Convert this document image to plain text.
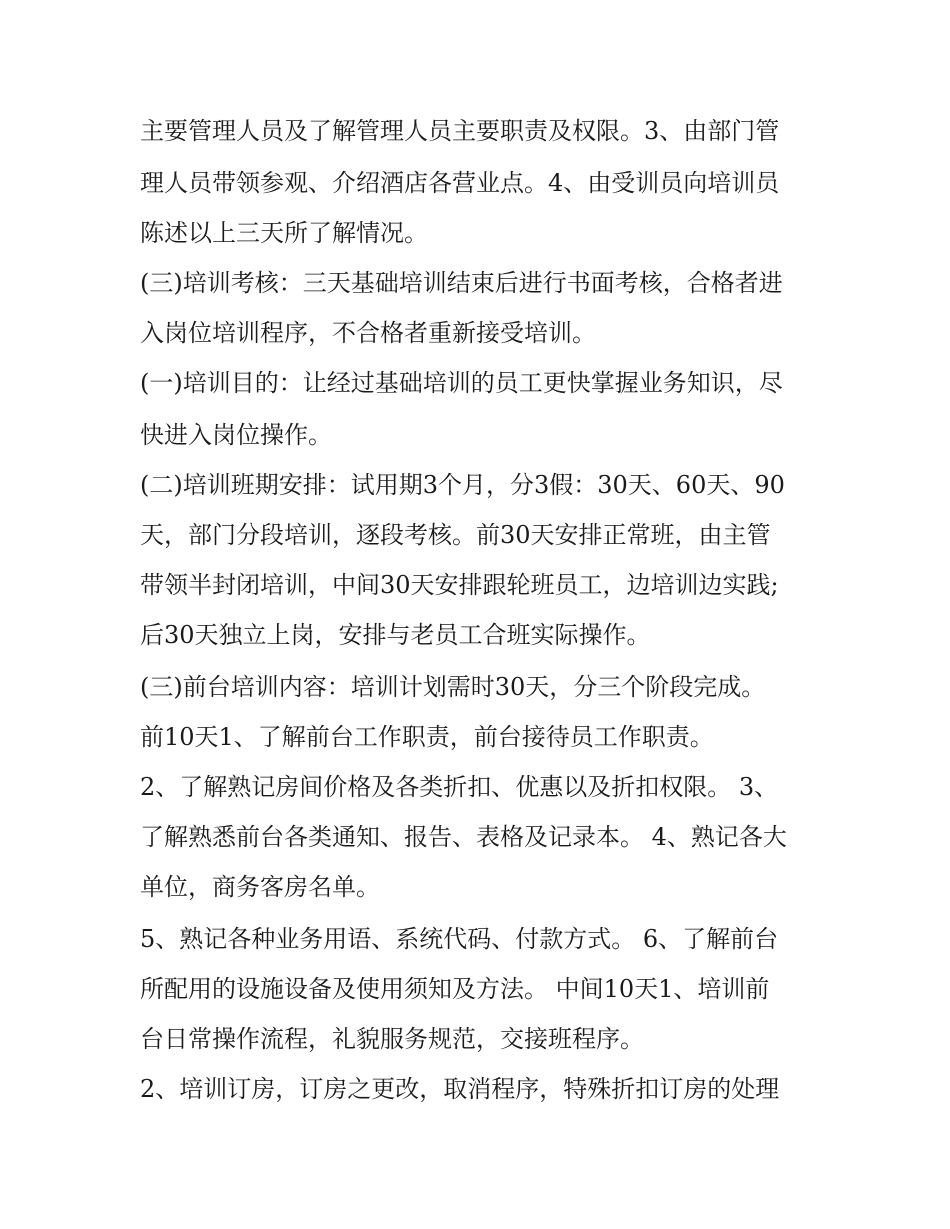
主要管理人员及了解管理人员主要职责及权限。3、由部门管
理人员带领参观、介绍酒店各营业点。4、由受训员向培训员
陈述以上三天所了解情况。
(三)培训考核：三天基础培训结束后进行书面考核，合格者进
入岗位培训程序，不合格者重新接受培训。
(一)培训目的：让经过基础培训的员工更快掌握业务知识，尽
快进入岗位操作。
(二)培训班期安排：试用期3个月，分3假：30天、60天、90
天，部门分段培训，逐段考核。前30天安排正常班，由主管
带领半封闭培训，中间30天安排跟轮班员工，边培训边实践;
后30天独立上岗，安排与老员工合班实际操作。
(三)前台培训内容：培训计划需时30天，分三个阶段完成。
前10天1、了解前台工作职责，前台接待员工作职责。
2、了解熟记房间价格及各类折扣、优惠以及折扣权限。 3、
了解熟悉前台各类通知、报告、表格及记录本。 4、熟记各大
单位，商务客房名单。
5、熟记各种业务用语、系统代码、付款方式。 6、了解前台
所配用的设施设备及使用须知及方法。 中间10天1、培训前
台日常操作流程，礼貌服务规范，交接班程序。
2、培训订房，订房之更改，取消程序，特殊折扣订房的处理
